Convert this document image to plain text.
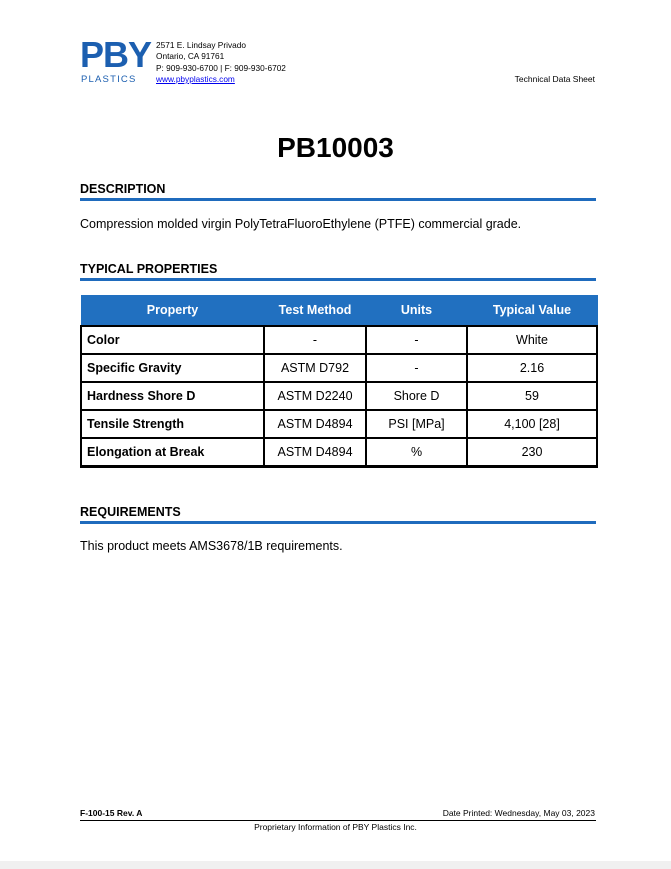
PBY
PLASTICS
2571 E. Lindsay Privado
Ontario, CA 91761
P: 909-930-6700 | F: 909-930-6702
www.pbyplastics.com	Technical Data Sheet
PB10003
DESCRIPTION
Compression molded virgin PolyTetraFluoroEthylene (PTFE) commercial grade.
TYPICAL PROPERTIES
Property	Test Method	Units	Typical Value
Color	-	-	White
Specific Gravity	ASTM D792	-	2.16
Hardness Shore D	ASTM D2240	Shore D	59
Tensile Strength	ASTM D4894	PSI [MPa]	4,100 [28]
Elongation at Break	ASTM D4894	%	230
REQUIREMENTS
This product meets AMS3678/1B requirements.
F-100-15 Rev. A	Date Printed: Wednesday, May 03, 2023
Proprietary Information of PBY Plastics Inc.
